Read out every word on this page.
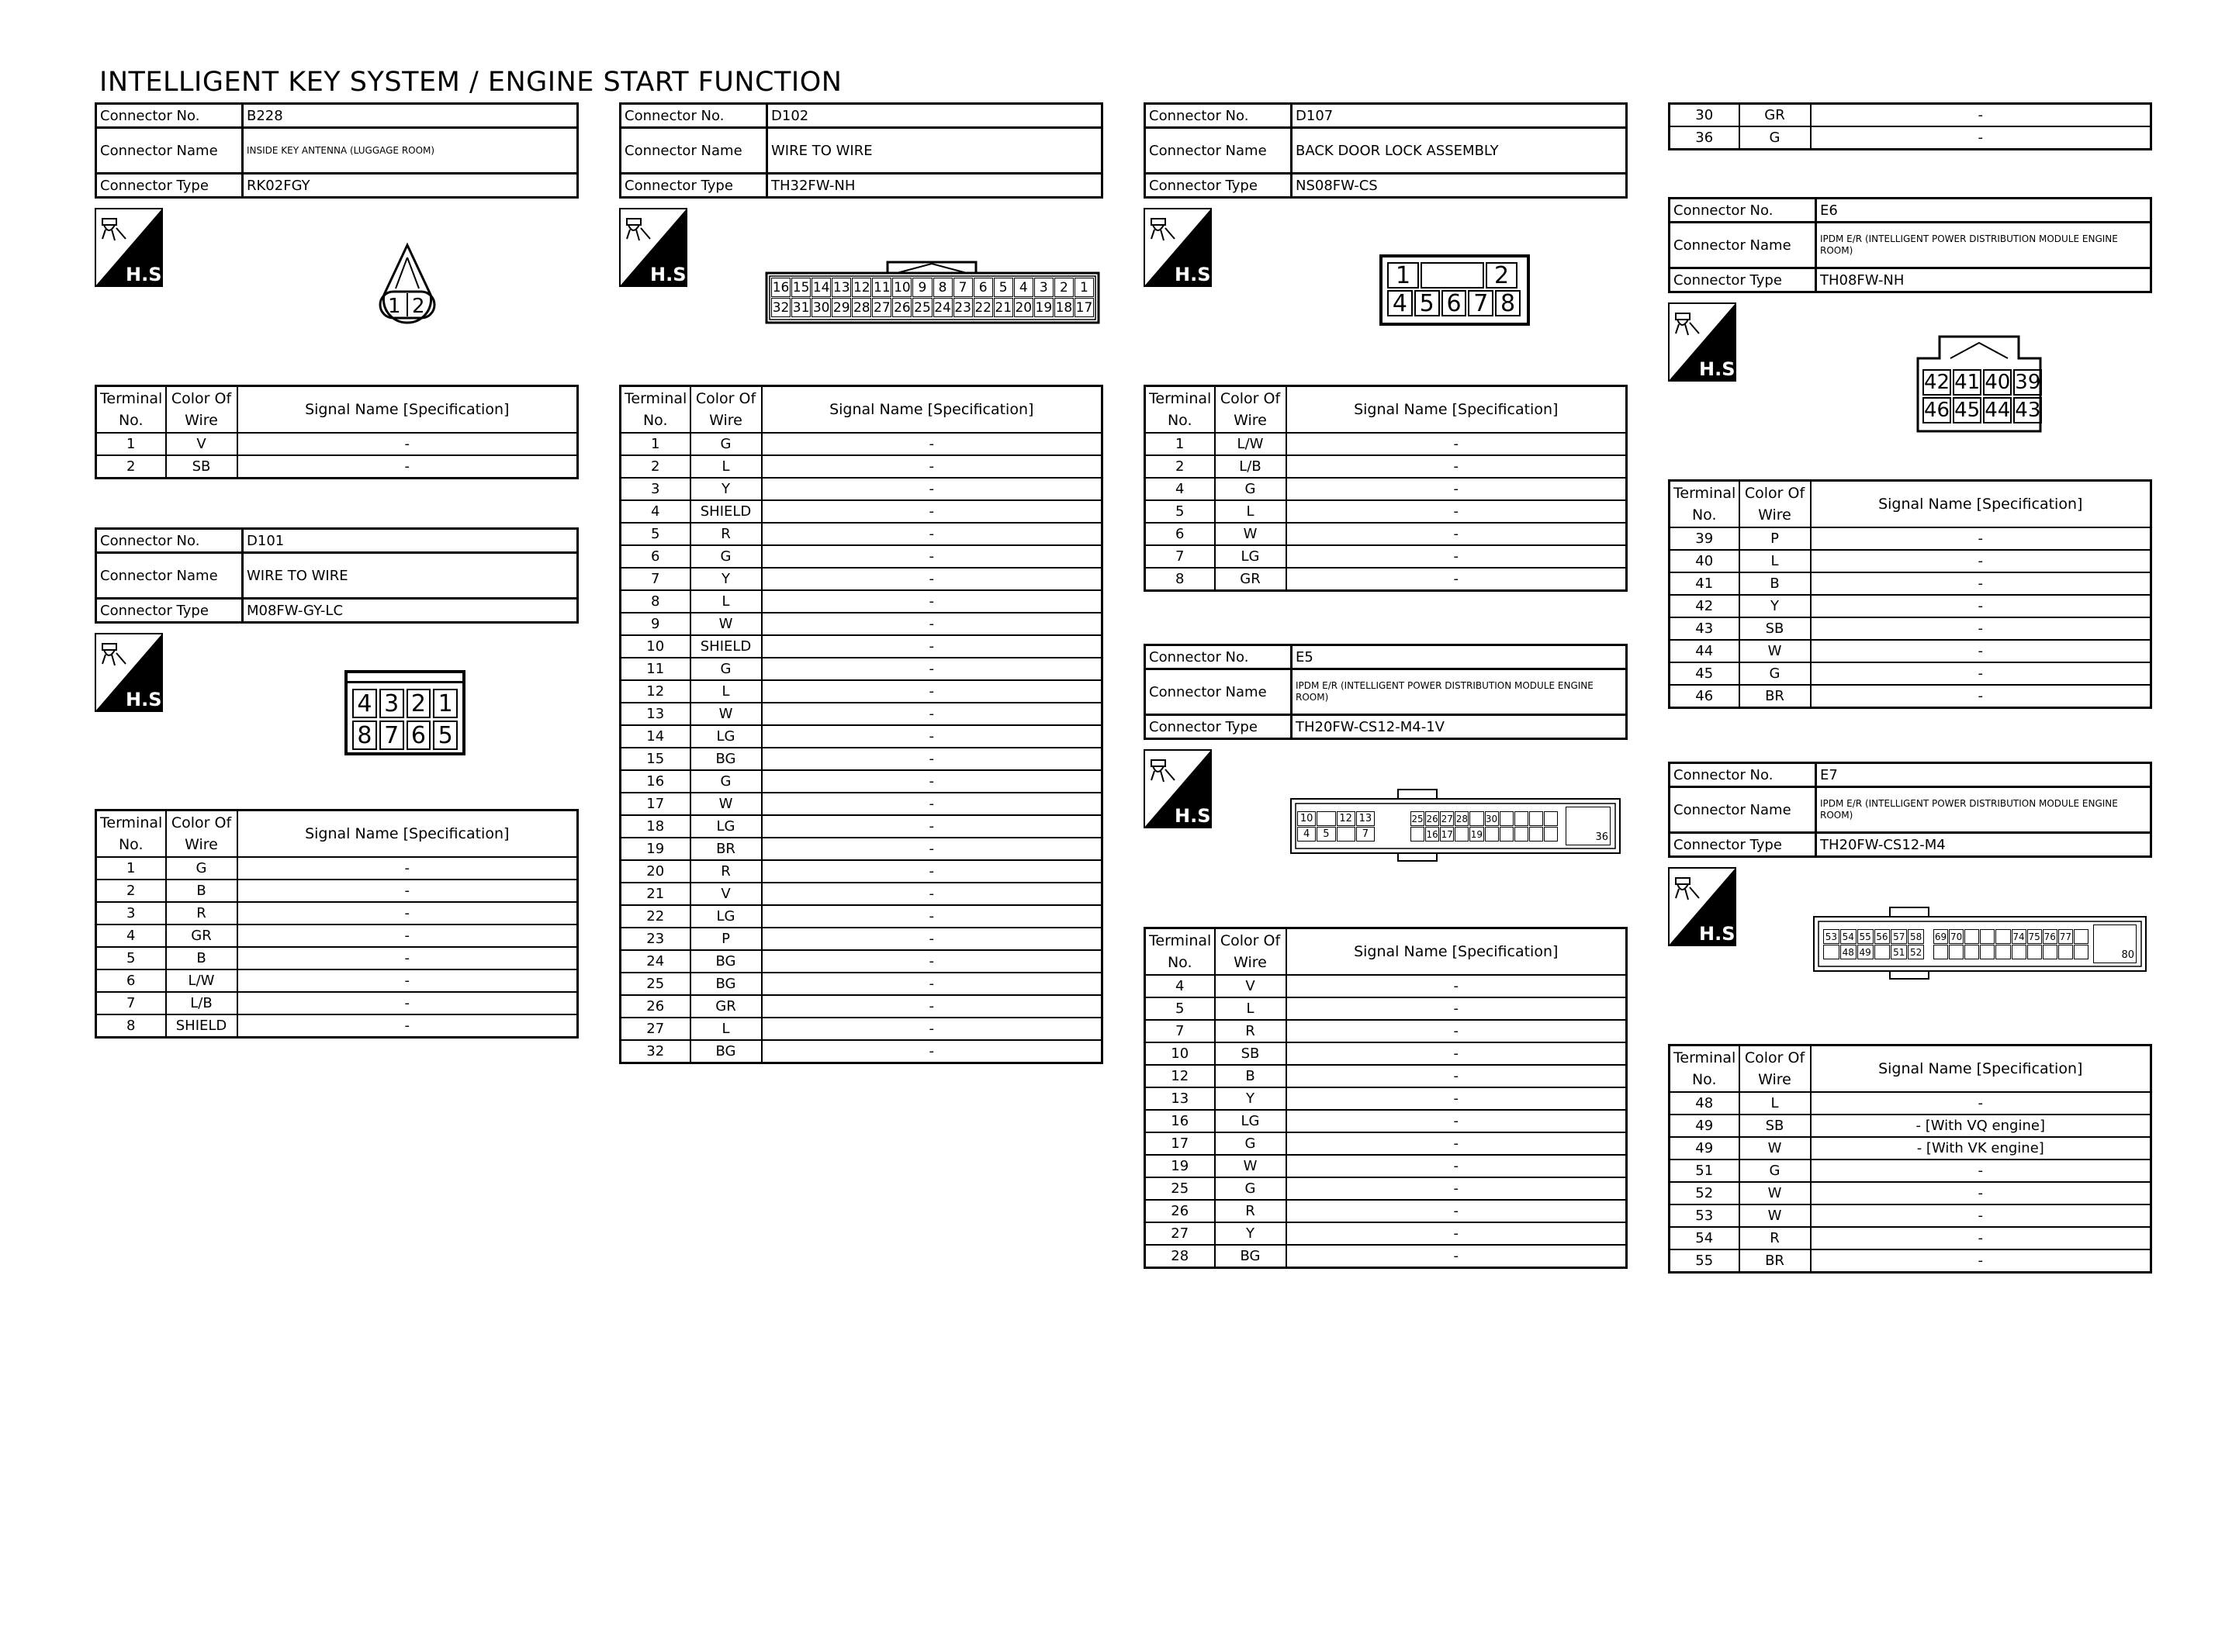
INTELLIGENT KEY SYSTEM / ENGINE START FUNCTION
Connector No.	B228
Connector Name	INSIDE KEY ANTENNA (LUGGAGE ROOM)
Connector Type	RK02FGY
H.S.
1 2
Terminal No.	Color Of Wire	Signal Name [Specification]
1	V	-
2	SB	-
Connector No.	D101
Connector Name	WIRE TO WIRE
Connector Type	M08FW-GY-LC
H.S.	4 3 2 1
8 7 6 5
Terminal No.	Color Of Wire	Signal Name [Specification]
1	G	-
2	B	-
3	R	-
4	GR	-
5	B	-
6	L/W	-
7	L/B	-
8	SHIELD	-
Connector No.	D102
Connector Name	WIRE TO WIRE
Connector Type	TH32FW-NH
H.S.
16 15 14 13 12 11 10 9 8 7 6 5 4 3 2 1
32 31 30 29 28 27 26 25 24 23 22 21 20 19 18 17
Terminal No.	Color Of Wire	Signal Name [Specification]
1	G	-
2	L	-
3	Y	-
4	SHIELD	-
5	R	-
6	G	-
7	Y	-
8	L	-
9	W	-
10	SHIELD	-
11	G	-
12	L	-
13	W	-
14	LG	-
15	BG	-
16	G	-
17	W	-
18	LG	-
19	BR	-
20	R	-
21	V	-
22	LG	-
23	P	-
24	BG	-
25	BG	-
26	GR	-
27	L	-
32	BG	-
Connector No.	D107
Connector Name	BACK DOOR LOCK ASSEMBLY
Connector Type	NS08FW-CS
H.S.	1	2
4 5 6 7 8
Terminal No.	Color Of Wire	Signal Name [Specification]
1	L/W	-
2	L/B	-
4	G	-
5	L	-
6	W	-
7	LG	-
8	GR	-
Connector No.	E5
Connector Name	IPDM E/R (INTELLIGENT POWER DISTRIBUTION MODULE ENGINE ROOM)
Connector Type	TH20FW-CS12-M4-1V
H.S.	10	12 13
4	5	7
25 26 27 28 30
16 17 19	36
Terminal No.	Color Of Wire	Signal Name [Specification]
4	V	-
5	L	-
7	R	-
10	SB	-
12	B	-
13	Y	-
16	LG	-
17	G	-
19	W	-
25	G	-
26	R	-
27	Y	-
28	BG	-
30	GR	-
36	G	-
Connector No.	E6
Connector Name	IPDM E/R (INTELLIGENT POWER DISTRIBUTION MODULE ENGINE ROOM)
Connector Type	TH08FW-NH
H.S.
42 41 40 39
46 45 44 43
Terminal No.	Color Of Wire	Signal Name [Specification]
39	P	-
40	L	-
41	B	-
42	Y	-
43	SB	-
44	W	-
45	G	-
46	BR	-
Connector No.	E7
Connector Name	IPDM E/R (INTELLIGENT POWER DISTRIBUTION MODULE ENGINE ROOM)
Connector Type	TH20FW-CS12-M4
H.S.	53 54 55 56 57 58
48 49 51 52
69 70	74 75 76 77
80
Terminal No.	Color Of Wire	Signal Name [Specification]
48	L	-
49	SB	- [With VQ engine]
49	W	- [With VK engine]
51	G	-
52	W	-
53	W	-
54	R	-
55	BR	-
